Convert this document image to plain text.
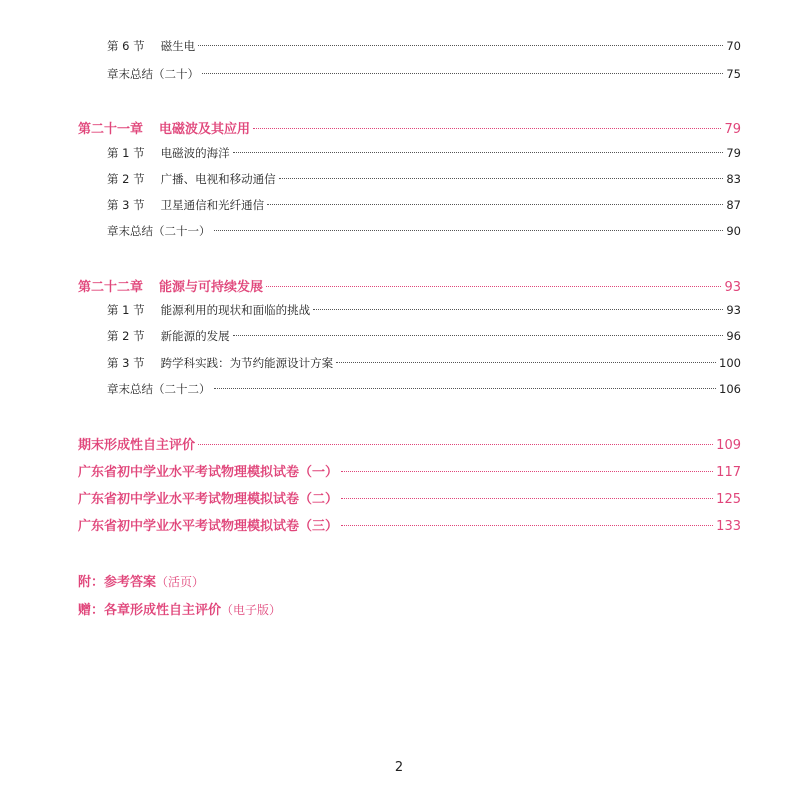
第 6 节 磁生电	70
章末总结（二十）	75
第二十一章 电磁波及其应用	79
第 1 节 电磁波的海洋	79
第 2 节 广播、电视和移动通信	83
第 3 节 卫星通信和光纤通信	87
章末总结（二十一）	90
第二十二章 能源与可持续发展	93
第 1 节 能源利用的现状和面临的挑战	93
第 2 节 新能源的发展	96
第 3 节 跨学科实践：为节约能源设计方案	100
章末总结（二十二）	106
期末形成性自主评价	109
广东省初中学业水平考试物理模拟试卷（一）	117
广东省初中学业水平考试物理模拟试卷（二）	125
广东省初中学业水平考试物理模拟试卷（三）	133
附：参考答案（活页）
赠：各章形成性自主评价（电子版）
2
